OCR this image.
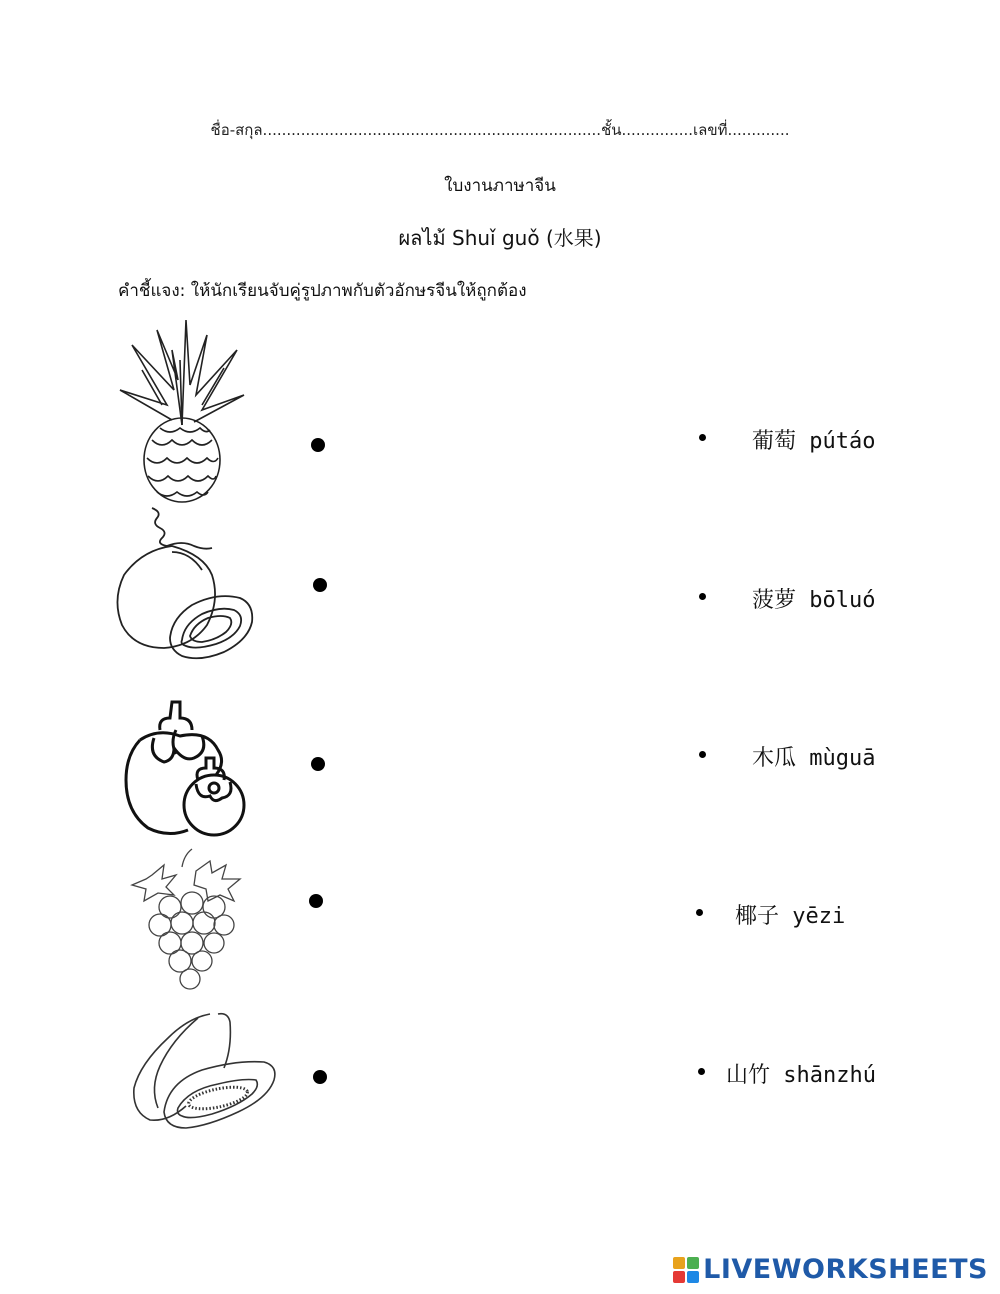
ชื่อ-สกุล.......................................................................ชั้น...............เลขที่.............
ใบงานภาษาจีน
ผลไม้ Shuǐ guǒ (水果)
คำชี้แจง: ให้นักเรียนจับคู่รูปภาพกับตัวอักษรจีนให้ถูกต้อง
葡萄 pútáo
菠萝 bōluó
木瓜 mùguā
椰子 yēzi
山竹 shānzhú
LIVEWORKSHEETS
